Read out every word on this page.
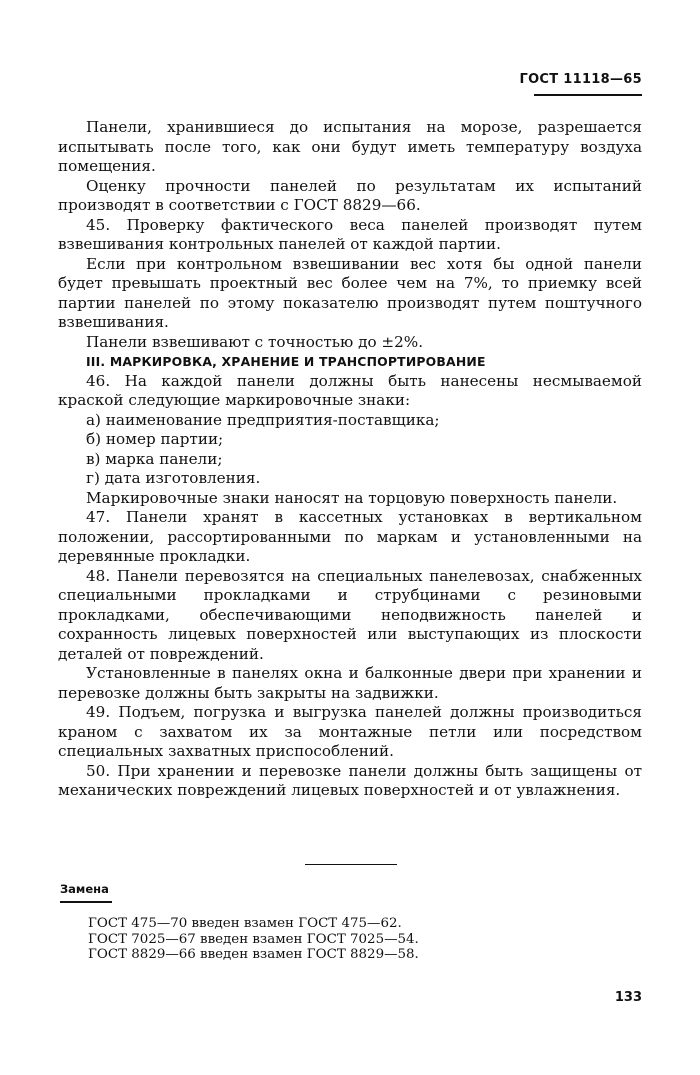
ГОСТ 11118—65

Панели, хранившиеся до испытания на морозе, разрешается испытывать после того, как они будут иметь температуру воздуха помещения.

Оценку прочности панелей по результатам их испытаний производят в соответствии с ГОСТ 8829—66.

45. Проверку фактического веса панелей производят путем взвешивания контрольных панелей от каждой партии.

Если при контрольном взвешивании вес хотя бы одной панели будет превышать проектный вес более чем на 7%, то приемку всей партии панелей по этому показателю производят путем поштучного взвешивания.

Панели взвешивают с точностью до ±2%.

III. МАРКИРОВКА, ХРАНЕНИЕ И ТРАНСПОРТИРОВАНИЕ

46. На каждой панели должны быть нанесены несмываемой краской следующие маркировочные знаки:

а) наименование предприятия-поставщика;

б) номер партии;

в) марка панели;

г) дата изготовления.

Маркировочные знаки наносят на торцовую поверхность панели.

47. Панели хранят в кассетных установках в вертикальном положении, рассортированными по маркам и установленными на деревянные прокладки.

48. Панели перевозятся на специальных панелевозах, снабженных специальными прокладками и струбцинами с резиновыми прокладками, обеспечивающими неподвижность панелей и сохранность лицевых поверхностей или выступающих из плоскости деталей от повреждений.

Установленные в панелях окна и балконные двери при хранении и перевозке должны быть закрыты на задвижки.

49. Подъем, погрузка и выгрузка панелей должны производиться краном с захватом их за монтажные петли или посредством специальных захватных приспособлений.

50. При хранении и перевозке панели должны быть защищены от механических повреждений лицевых поверхностей и от увлажнения.

Замена
ГОСТ 475—70 введен взамен ГОСТ 475—62.
ГОСТ 7025—67 введен взамен ГОСТ 7025—54.
ГОСТ 8829—66 введен взамен ГОСТ 8829—58.
133
